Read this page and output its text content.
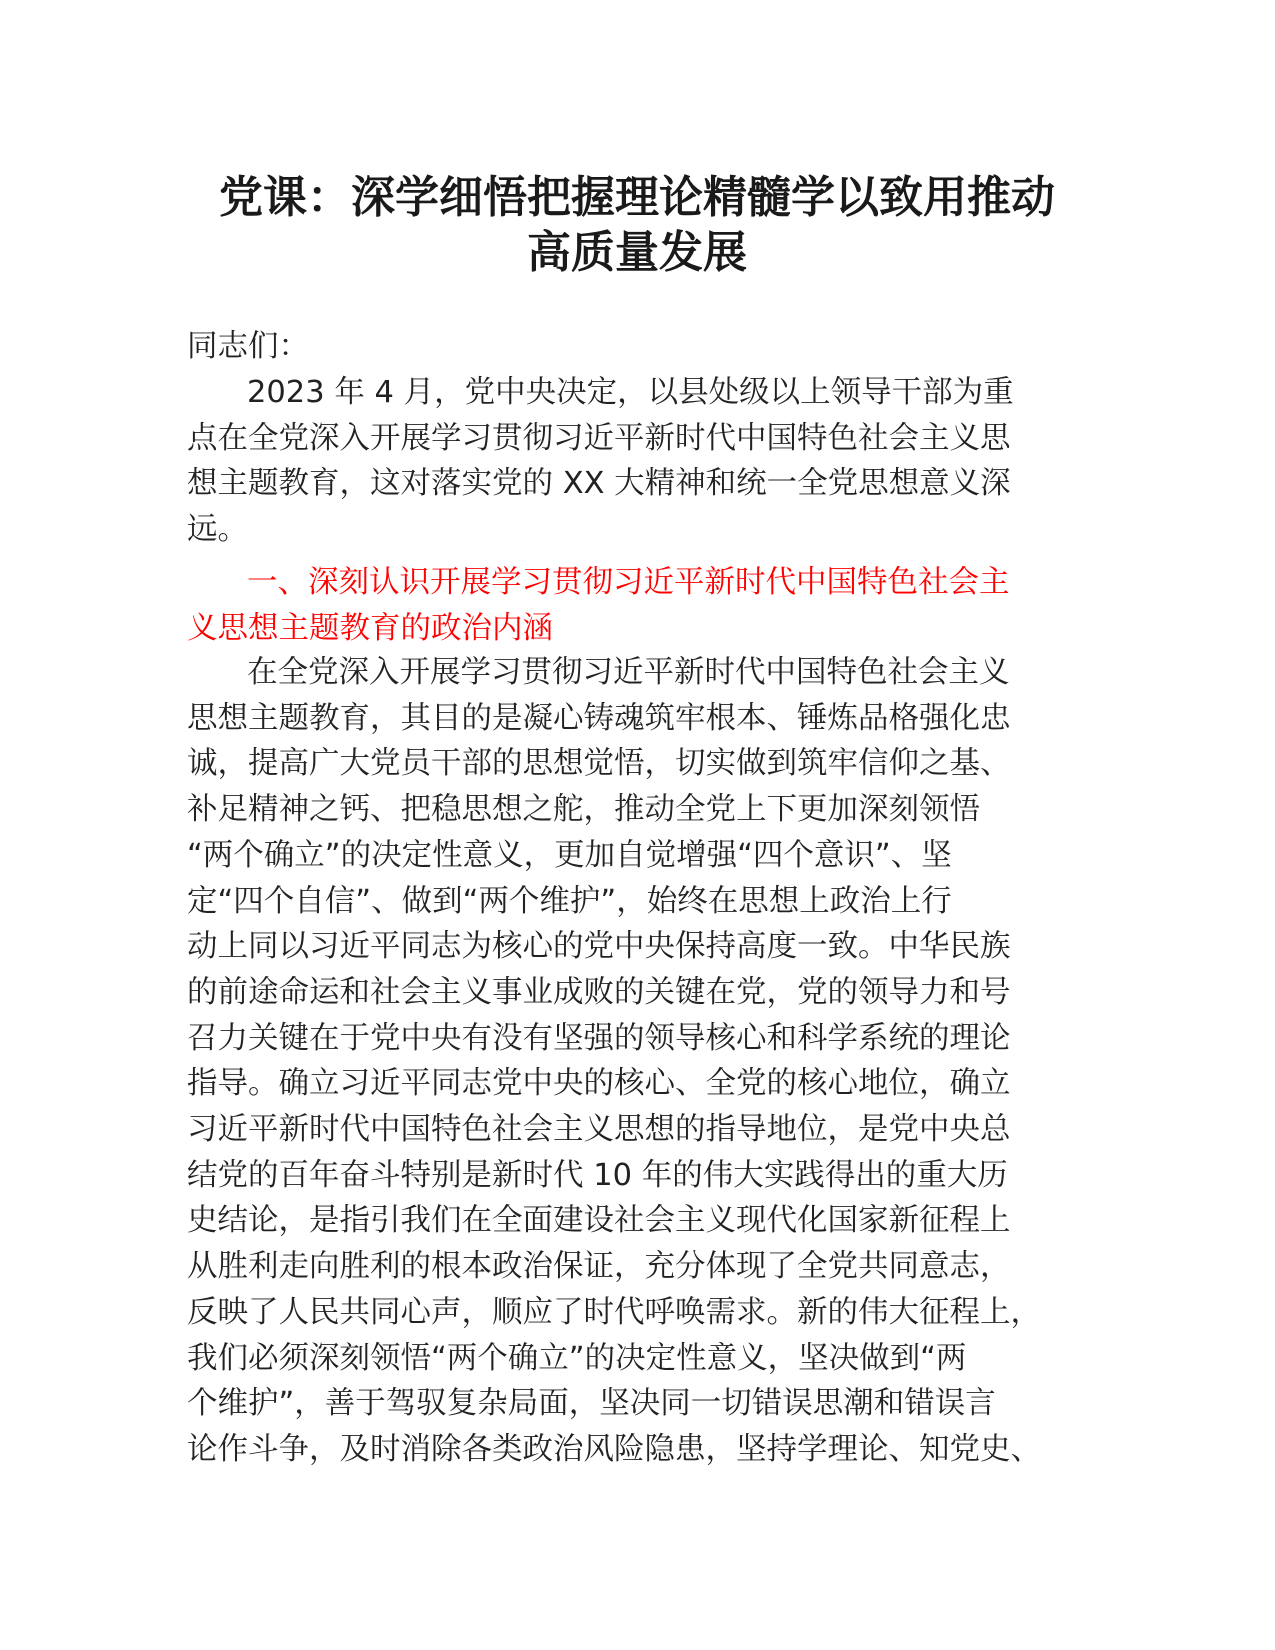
党课：深学细悟把握理论精髓学以致用推动
高质量发展

同志们：

2023 年 4 月，党中央决定，以县处级以上领导干部为重
点在全党深入开展学习贯彻习近平新时代中国特色社会主义思
想主题教育，这对落实党的 XX 大精神和统一全党思想意义深
远。

一、深刻认识开展学习贯彻习近平新时代中国特色社会主
义思想主题教育的政治内涵

在全党深入开展学习贯彻习近平新时代中国特色社会主义
思想主题教育，其目的是凝心铸魂筑牢根本、锤炼品格强化忠
诚，提高广大党员干部的思想觉悟，切实做到筑牢信仰之基、
补足精神之钙、把稳思想之舵，推动全党上下更加深刻领悟
“两个确立”的决定性意义，更加自觉增强“四个意识”、坚
定“四个自信”、做到“两个维护”，始终在思想上政治上行
动上同以习近平同志为核心的党中央保持高度一致。中华民族
的前途命运和社会主义事业成败的关键在党，党的领导力和号
召力关键在于党中央有没有坚强的领导核心和科学系统的理论
指导。确立习近平同志党中央的核心、全党的核心地位，确立
习近平新时代中国特色社会主义思想的指导地位，是党中央总
结党的百年奋斗特别是新时代 10 年的伟大实践得出的重大历
史结论，是指引我们在全面建设社会主义现代化国家新征程上
从胜利走向胜利的根本政治保证，充分体现了全党共同意志，
反映了人民共同心声，顺应了时代呼唤需求。新的伟大征程上，
我们必须深刻领悟“两个确立”的决定性意义，坚决做到“两
个维护”，善于驾驭复杂局面，坚决同一切错误思潮和错误言
论作斗争，及时消除各类政治风险隐患，坚持学理论、知党史、
